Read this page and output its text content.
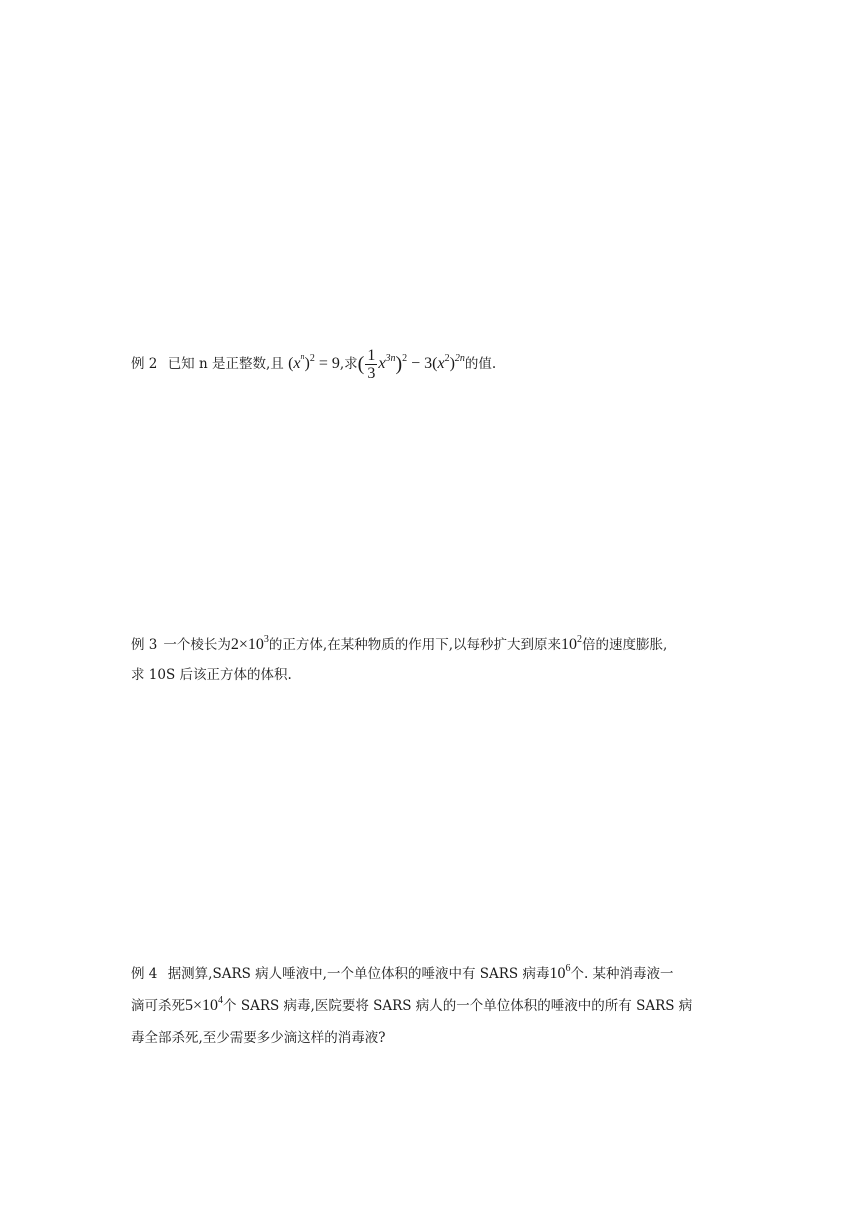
例 2 已知 n 是正整数,且 $(x^n)^2 = 9$,求( $\frac{1}{3} x^{3n})^2 - 3(x^2)^{2n}$的值.
例 3 一个棱长为$2\times 10^3$的正方体,在某种物质的作用下,以每秒扩大到原来$10^2$倍的速度膨胀,
求 10S 后该正方体的体积.
例 4 据测算,SARS 病人唾液中,一个单位体积的唾液中有 SARS 病毒$10^6$个. 某种消毒液一
滴可杀死$5\times 10^4$个 SARS 病毒,医院要将 SARS 病人的一个单位体积的唾液中的所有 SARS 病
毒全部杀死,至少需要多少滴这样的消毒液?
